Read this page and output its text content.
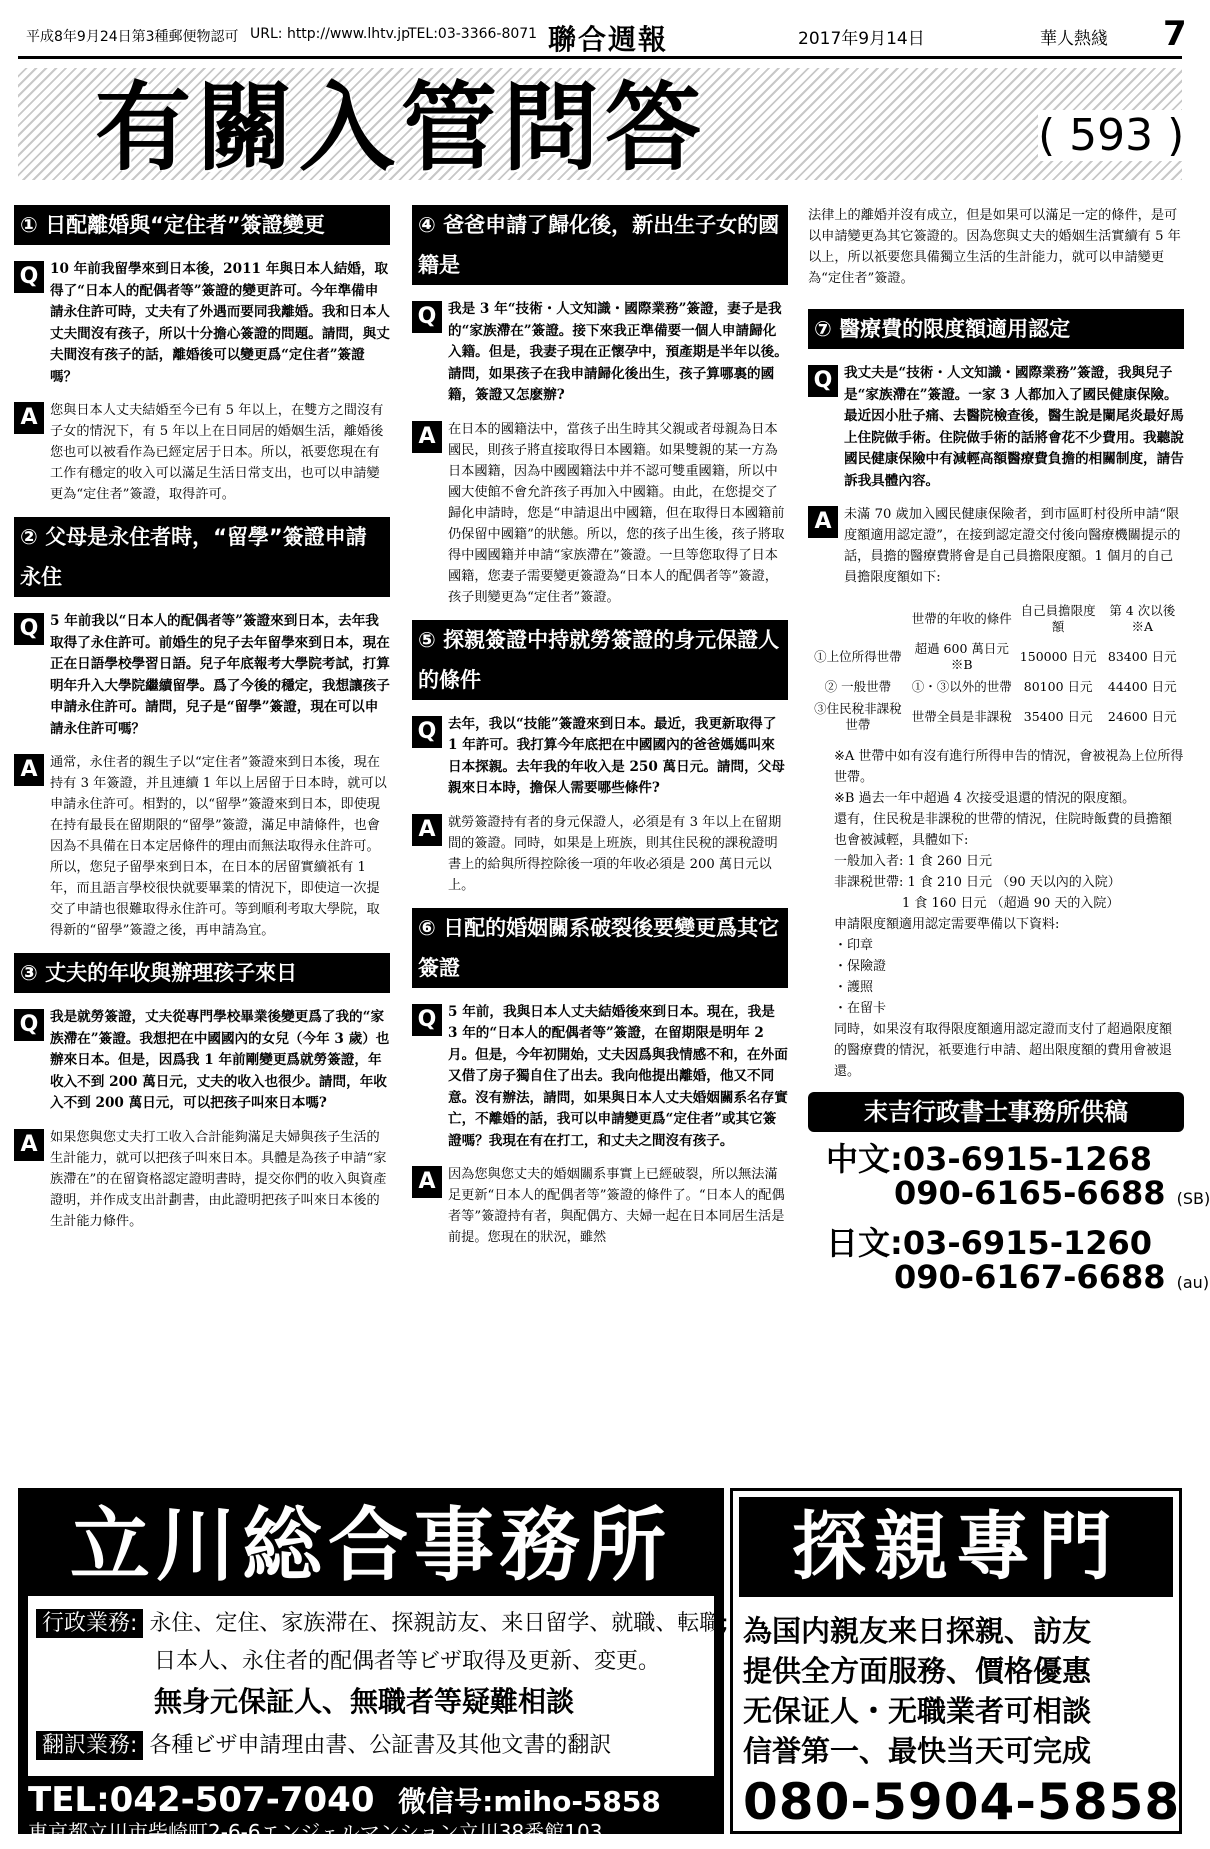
平成8年9月24日第3種郵便物認可 URL: http://www.lhtv.jp
TEL:03-3366-8071 聯合週報	2017年9月14日	華人熱綫 7
有關入管問答	( 593 )
① 日配離婚與“定住者”簽證變更
Q 10 年前我留學來到日本後，2011 年與日本人結婚，取得了“日本人的配偶者等”簽證的變更許可。今年準備申請永住許可時，丈夫有了外遇而要同我離婚。我和日本人丈夫間沒有孩子，所以十分擔心簽證的問題。請問，與丈夫間沒有孩子的話，離婚後可以變更爲“定住者”簽證嗎？
A 您與日本人丈夫結婚至今已有 5 年以上，在雙方之間沒有子女的情況下，有 5 年以上在日同居的婚姻生活，離婚後您也可以被看作為已經定居于日本。所以，祇要您現在有工作有穩定的收入可以滿足生活日常支出，也可以申請變更為“定住者”簽證，取得許可。
② 父母是永住者時，“留學”簽證申請永住
Q 5 年前我以“日本人的配偶者等”簽證來到日本，去年我取得了永住許可。前婚生的兒子去年留學來到日本，現在正在日語學校學習日語。兒子年底報考大學院考試，打算明年升入大學院繼續留學。爲了今後的穩定，我想讓孩子申請永住許可。請問，兒子是“留學”簽證，現在可以申請永住許可嗎？
A 通常，永住者的親生子以“定住者”簽證來到日本後，現在持有 3 年簽證，并且連續 1 年以上居留于日本時，就可以申請永住許可。相對的，以“留學”簽證來到日本，即使現在持有最長在留期限的“留學”簽證，滿足申請條件，也會因為不具備在日本定居條件的理由而無法取得永住許可。所以，您兒子留學來到日本，在日本的居留實續祇有 1 年，而且語言學校很快就要畢業的情況下，即使這一次提交了申請也很難取得永住許可。等到順利考取大學院，取得新的“留學”簽證之後，再申請為宜。
③ 丈夫的年收與辦理孩子來日
Q 我是就勞簽證，丈夫從專門學校畢業後變更爲了我的“家族滯在”簽證。我想把在中國國內的女兒（今年 3 歲）也辦來日本。但是，因爲我 1 年前剛變更爲就勞簽證，年收入不到 200 萬日元，丈夫的收入也很少。請問，年收入不到 200 萬日元，可以把孩子叫來日本嗎?
A 如果您與您丈夫打工收入合計能夠滿足夫婦與孩子生活的生計能力，就可以把孩子叫來日本。具體是為孩子申請“家族滯在”的在留資格認定證明書時，提交你們的收入與資產證明，并作成支出計劃書，由此證明把孩子叫來日本後的生計能力條件。
④ 爸爸申請了歸化後，新出生子女的國籍是
Q 我是 3 年“技術・人文知識・國際業務”簽證，妻子是我的“家族滯在”簽證。接下來我正準備要一個人申請歸化入籍。但是，我妻子現在正懷孕中，預產期是半年以後。請問，如果孩子在我申請歸化後出生，孩子算哪裏的國籍，簽證又怎麽辦?
A 在日本的國籍法中，當孩子出生時其父親或者母親為日本國民，則孩子將直接取得日本國籍。如果雙親的某一方為日本國籍，因為中國國籍法中并不認可雙重國籍，所以中國大使館不會允許孩子再加入中國籍。由此，在您提交了歸化申請時，您是“申請退出中國籍，但在取得日本國籍前仍保留中國籍”的狀態。所以，您的孩子出生後，孩子將取得中國國籍并申請“家族滯在”簽證。一旦等您取得了日本國籍，您妻子需要變更簽證為“日本人的配偶者等”簽證，孩子則變更為“定住者”簽證。
⑤ 探親簽證中持就勞簽證的身元保證人的條件
Q 去年，我以“技能”簽證來到日本。最近，我更新取得了 1 年許可。我打算今年底把在中國國內的爸爸媽媽叫來日本探親。去年我的年收入是 250 萬日元。請問，父母親來日本時，擔保人需要哪些條件?
A 就勞簽證持有者的身元保證人，必須是有 3 年以上在留期間的簽證。同時，如果是上班族，則其住民稅的課稅證明書上的給與所得控除後一項的年收必須是 200 萬日元以上。
⑥ 日配的婚姻關系破裂後要變更爲其它簽證
Q 5 年前，我與日本人丈夫結婚後來到日本。現在，我是 3 年的“日本人的配偶者等”簽證，在留期限是明年 2 月。但是，今年初開始，丈夫因爲與我情感不和，在外面又借了房子獨自住了出去。我向他提出離婚，他又不同意。沒有辦法，請問，如果與日本人丈夫婚姻關系名存實亡，不離婚的話，我可以申請變更爲“定住者”或其它簽證嗎？我現在有在打工，和丈夫之間沒有孩子。
A 因為您與您丈夫的婚姻關系事實上已經破裂，所以無法滿足更新“日本人的配偶者等”簽證的條件了。“日本人的配偶者等”簽證持有者，與配偶方、夫婦一起在日本同居生活是前提。您現在的狀況，雖然
法律上的離婚并沒有成立，但是如果可以滿足一定的條件，是可以申請變更為其它簽證的。因為您與丈夫的婚姻生活實續有 5 年以上，所以祇要您具備獨立生活的生計能力，就可以申請變更為“定住者”簽證。
⑦ 醫療費的限度額適用認定
Q 我丈夫是“技術・人文知識・國際業務”簽證，我與兒子是“家族滯在”簽證。一家 3 人都加入了國民健康保險。最近因小肚子痛、去醫院檢查後，醫生說是闌尾炎最好馬上住院做手術。住院做手術的話將會花不少費用。我聽說國民健康保險中有減輕高額醫療費負擔的相關制度，請告訴我具體內容。
A 未滿 70 歲加入國民健康保險者，到市區町村役所申請“限度額適用認定證”，在接到認定證交付後向醫療機關提示的話，員擔的醫療費將會是自己員擔限度額。1 個月的自己員擔限度額如下:
	世帶的年收的條件	自己員擔限度額	第 4 次以後※A
①上位所得世帶	超過 600 萬日元 ※B	150000 日元	83400 日元
② 一般世帶	①・③以外的世帶	80100 日元	44400 日元
③住民稅非課稅世帶	世帶全員是非課稅	35400 日元	24600 日元

※A 世帶中如有沒有進行所得申告的情況，會被視為上位所得世帶。

※B 過去一年中超過 4 次接受退還的情況的限度額。

還有，住民稅是非課稅的世帶的情況，住院時飯費的員擔額也會被減輕，具體如下:

一般加入者: 1 食 260 日元

非課税世帶: 1 食 210 日元 （90 天以內的入院）

1 食 160 日元 （超過 90 天的入院）

申請限度額適用認定需要準備以下資料:

・印章

・保險證

・護照

・在留卡

同時，如果沒有取得限度額適用認定證而支付了超過限度額的醫療費的情況，祇要進行申請、超出限度額的費用會被退還。

末吉行政書士事務所供稿
中文:03-6915-1268
090-6165-6688 (SB)
日文:03-6915-1260
090-6167-6688 (au)
立川総合事務所
行政業務: 永住、定住、家族滞在、探親訪友、来日留学、就職、転職;
日本人、永住者的配偶者等ビザ取得及更新、変更。
無身元保証人、無職者等疑難相談
翻訳業務: 各種ビザ申請理由書、公証書及其他文書的翻訳
TEL:042-507-7040 微信号:miho-5858
東京都立川市柴崎町2-6-6エンジェルマンション立川38番館103
探親專門
為国内親友来日探親、訪友
提供全方面服務、價格優惠
无保证人・无職業者可相談
信誉第一、最快当天可完成
080-5904-5858
